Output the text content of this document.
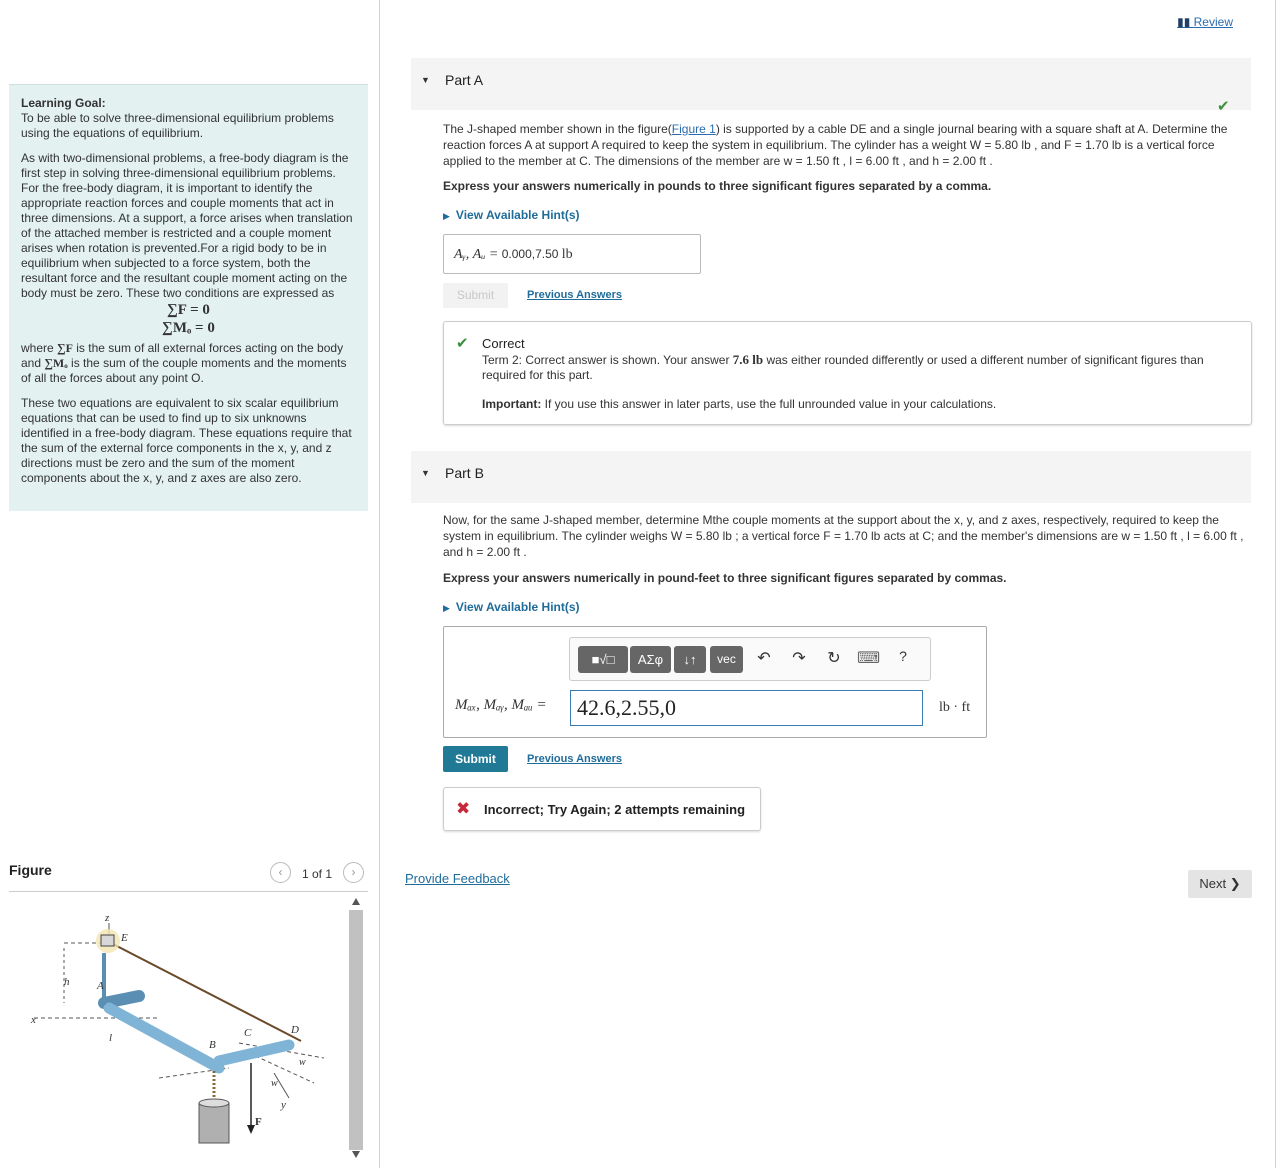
Learning Goal:

To be able to solve three-dimensional equilibrium problems using the equations of equilibrium.

As with two-dimensional problems, a free-body diagram is the first step in solving three-dimensional equilibrium problems. For the free-body diagram, it is important to identify the appropriate reaction forces and couple moments that act in three dimensions. At a support, a force arises when translation of the attached member is restricted and a couple moment arises when rotation is prevented.For a rigid body to be in equilibrium when subjected to a force system, both the resultant force and the resultant couple moment acting on the body must be zero. These two conditions are expressed as

∑F = 0
∑Mₒ = 0

where ∑F is the sum of all external forces acting on the body and ∑Mₒ is the sum of the couple moments and the moments of all the forces about any point O.

These two equations are equivalent to six scalar equilibrium equations that can be used to find up to six unknowns identified in a free-body diagram. These equations require that the sum of the external force components in the x, y, and z directions must be zero and the sum of the moment components about the x, y, and z axes are also zero.

Figure	‹	1 of 1	›
z
E
h	A
x
l
B
C	D
w
w
y
F
▮▮ Review
▼ Part A
✔
The J-shaped member shown in the figure(Figure 1) is supported by a cable DE and a single journal bearing with a square shaft at A. Determine the reaction forces A at support A required to keep the system in equilibrium. The cylinder has a weight W = 5.80 lb , and F = 1.70 lb is a vertical force applied to the member at C. The dimensions of the member are w = 1.50 ft , l = 6.00 ft , and h = 2.00 ft .
Express your answers numerically in pounds to three significant figures separated by a comma.
▶ View Available Hint(s)
Aᵧ, Aᵤ = 0.000,7.50 lb
Submit	Previous Answers
✔ Correct
Term 2: Correct answer is shown. Your answer 7.6 lb was either rounded differently or used a different number of significant figures than required for this part.
Important: If you use this answer in later parts, use the full unrounded value in your calculations.
▼ Part B
Now, for the same J-shaped member, determine Mthe couple moments at the support about the x, y, and z axes, respectively, required to keep the system in equilibrium. The cylinder weighs W = 5.80 lb ; a vertical force F = 1.70 lb acts at C; and the member's dimensions are w = 1.50 ft , l = 6.00 ft , and h = 2.00 ft .
Express your answers numerically in pound-feet to three significant figures separated by commas.
▶ View Available Hint(s)
■√□	ΑΣφ	↓↑	vec	↶ ↷ ↻ ⌨	?
Mₐₓ, Mₐᵧ, Mₐᵤ =	42.6,2.55,0	lb · ft
Submit	Previous Answers
✖ Incorrect; Try Again; 2 attempts remaining
Provide Feedback	Next ❯
